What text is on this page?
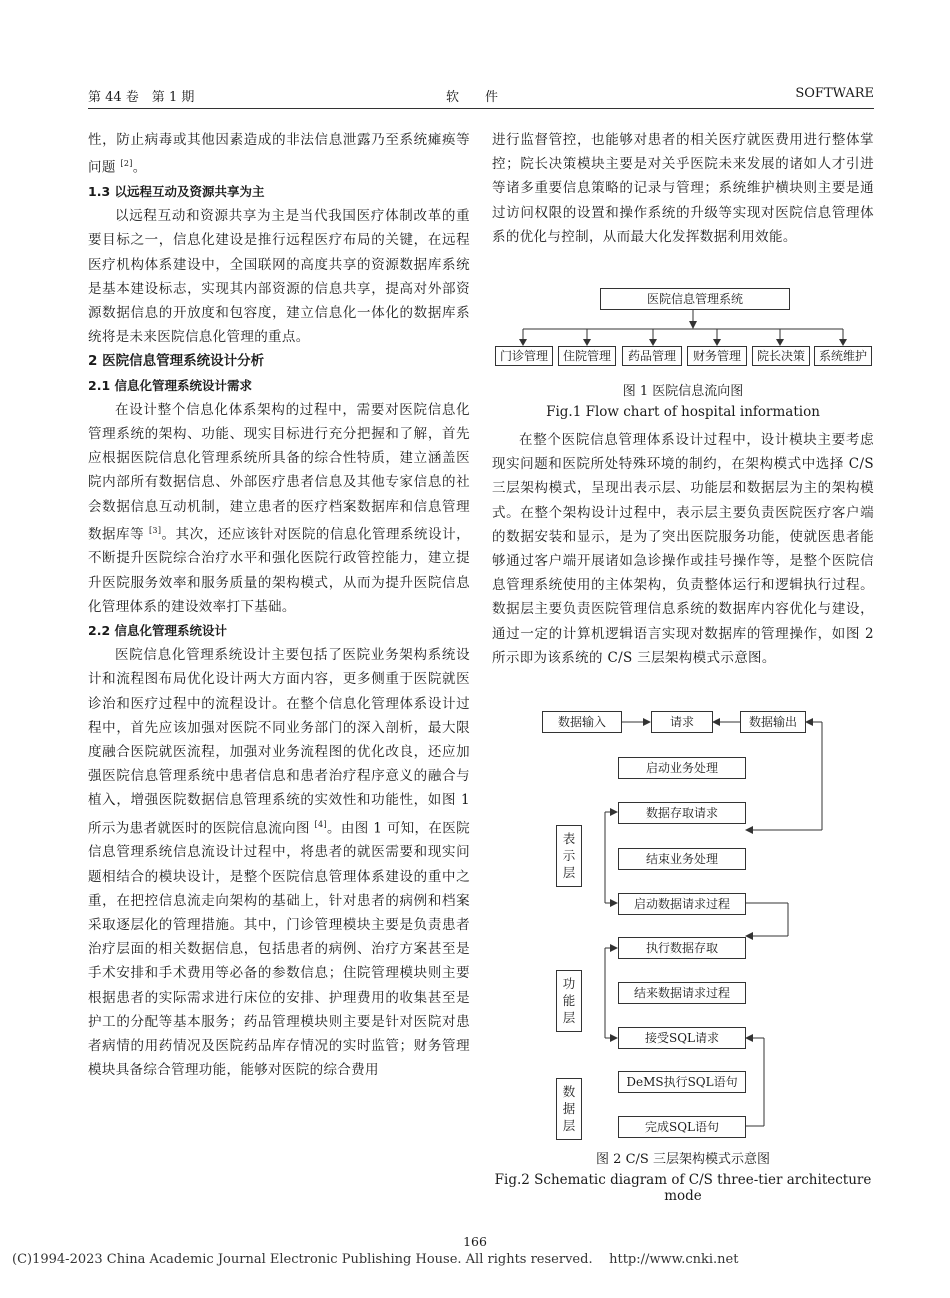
第 44 卷　第 1 期	软　　件	SOFTWARE

性，防止病毒或其他因素造成的非法信息泄露乃至系统瘫痪等问题 [2]。

1.3 以远程互动及资源共享为主

以远程互动和资源共享为主是当代我国医疗体制改革的重要目标之一，信息化建设是推行远程医疗布局的关键，在远程医疗机构体系建设中，全国联网的高度共享的资源数据库系统是基本建设标志，实现其内部资源的信息共享，提高对外部资源数据信息的开放度和包容度，建立信息化一体化的数据库系统将是未来医院信息化管理的重点。

2 医院信息管理系统设计分析
2.1 信息化管理系统设计需求

在设计整个信息化体系架构的过程中，需要对医院信息化管理系统的架构、功能、现实目标进行充分把握和了解，首先应根据医院信息化管理系统所具备的综合性特质，建立涵盖医院内部所有数据信息、外部医疗患者信息及其他专家信息的社会数据信息互动机制，建立患者的医疗档案数据库和信息管理数据库等 [3]。其次，还应该针对医院的信息化管理系统设计，不断提升医院综合治疗水平和强化医院行政管控能力，建立提升医院服务效率和服务质量的架构模式，从而为提升医院信息化管理体系的建设效率打下基础。

2.2 信息化管理系统设计

医院信息化管理系统设计主要包括了医院业务架构系统设计和流程图布局优化设计两大方面内容，更多侧重于医院就医诊治和医疗过程中的流程设计。在整个信息化管理体系设计过程中，首先应该加强对医院不同业务部门的深入剖析，最大限度融合医院就医流程，加强对业务流程图的优化改良，还应加强医院信息管理系统中患者信息和患者治疗程序意义的融合与植入，增强医院数据信息管理系统的实效性和功能性，如图 1 所示为患者就医时的医院信息流向图 [4]。由图 1 可知，在医院信息管理系统信息流设计过程中，将患者的就医需要和现实问题相结合的模块设计，是整个医院信息管理体系建设的重中之重，在把控信息流走向架构的基础上，针对患者的病例和档案采取逐层化的管理措施。其中，门诊管理模块主要是负责患者治疗层面的相关数据信息，包括患者的病例、治疗方案甚至是手术安排和手术费用等必备的参数信息；住院管理模块则主要根据患者的实际需求进行床位的安排、护理费用的收集甚至是护工的分配等基本服务；药品管理模块则主要是针对医院对患者病情的用药情况及医院药品库存情况的实时监管；财务管理模块具备综合管理功能，能够对医院的综合费用

进行监督管控，也能够对患者的相关医疗就医费用进行整体掌控；院长决策模块主要是对关乎医院未来发展的诸如人才引进等诸多重要信息策略的记录与管理；系统维护横块则主要是通过访问权限的设置和操作系统的升级等实现对医院信息管理体系的优化与控制，从而最大化发挥数据利用效能。

医院信息管理系统
门诊管理	住院管理	药品管理	财务管理	院长决策	系统维护
图 1 医院信息流向图
Fig.1 Flow chart of hospital information

在整个医院信息管理体系设计过程中，设计模块主要考虑现实问题和医院所处特殊环境的制约，在架构模式中选择 C/S 三层架构模式，呈现出表示层、功能层和数据层为主的架构模式。在整个架构设计过程中，表示层主要负责医院医疗客户端的数据安装和显示，是为了突出医院服务功能，使就医患者能够通过客户端开展诸如急诊操作或挂号操作等，是整个医院信息管理系统使用的主体架构，负责整体运行和逻辑执行过程。数据层主要负责医院管理信息系统的数据库内容优化与建设，通过一定的计算机逻辑语言实现对数据库的管理操作，如图 2 所示即为该系统的 C/S 三层架构模式示意图。

数据输入	请求	数据输出
启动业务处理
数据存取请求
结束业务处理
启动数据请求过程
执行数据存取
结来数据请求过程
接受SQL请求
DeMS执行SQL语句
完成SQL语句
表示层
功能层
数据层
图 2 C/S 三层架构模式示意图
Fig.2 Schematic diagram of C/S three-tier architecture mode
166
(C)1994-2023 China Academic Journal Electronic Publishing House. All rights reserved.    http://www.cnki.net
